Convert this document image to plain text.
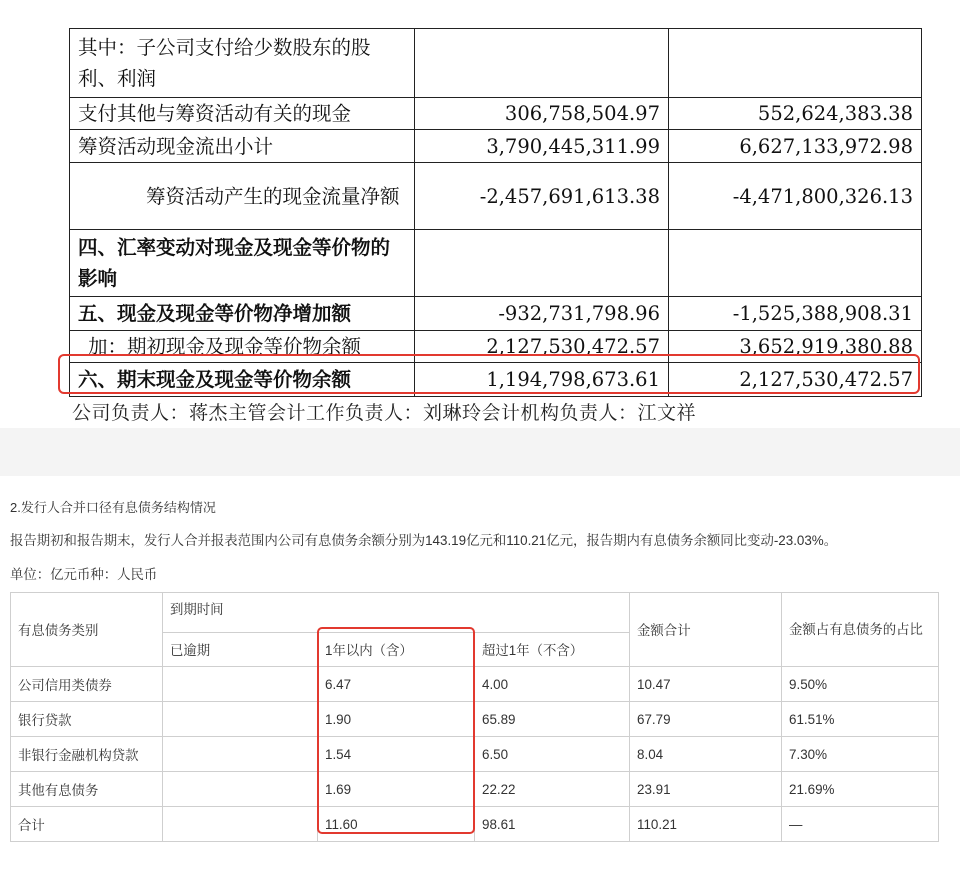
其中：子公司支付给少数股东的股利、利润		
支付其他与筹资活动有关的现金	306,758,504.97	552,624,383.38
筹资活动现金流出小计	3,790,445,311.99	6,627,133,972.98
筹资活动产生的现金流量净额	-2,457,691,613.38	-4,471,800,326.13
四、汇率变动对现金及现金等价物的影响		
五、现金及现金等价物净增加额	-932,731,798.96	-1,525,388,908.31
加：期初现金及现金等价物余额	2,127,530,472.57	3,652,919,380.88
六、期末现金及现金等价物余额	1,194,798,673.61	2,127,530,472.57
公司负责人：蒋杰主管会计工作负责人：刘琳玲会计机构负责人：江文祥
2.发行人合并口径有息债务结构情况
报告期初和报告期末，发行人合并报表范围内公司有息债务余额分别为143.19亿元和110.21亿元，报告期内有息债务余额同比变动-23.03%。
单位：亿元币种：人民币
有息债务类别	到期时间			金额合计	金额占有息债务的占比
	已逾期	1年以内（含）	超过1年（不含）		
公司信用类债券		6.47	4.00	10.47	9.50%
银行贷款		1.90	65.89	67.79	61.51%
非银行金融机构贷款		1.54	6.50	8.04	7.30%
其他有息债务		1.69	22.22	23.91	21.69%
合计		11.60	98.61	110.21	—
